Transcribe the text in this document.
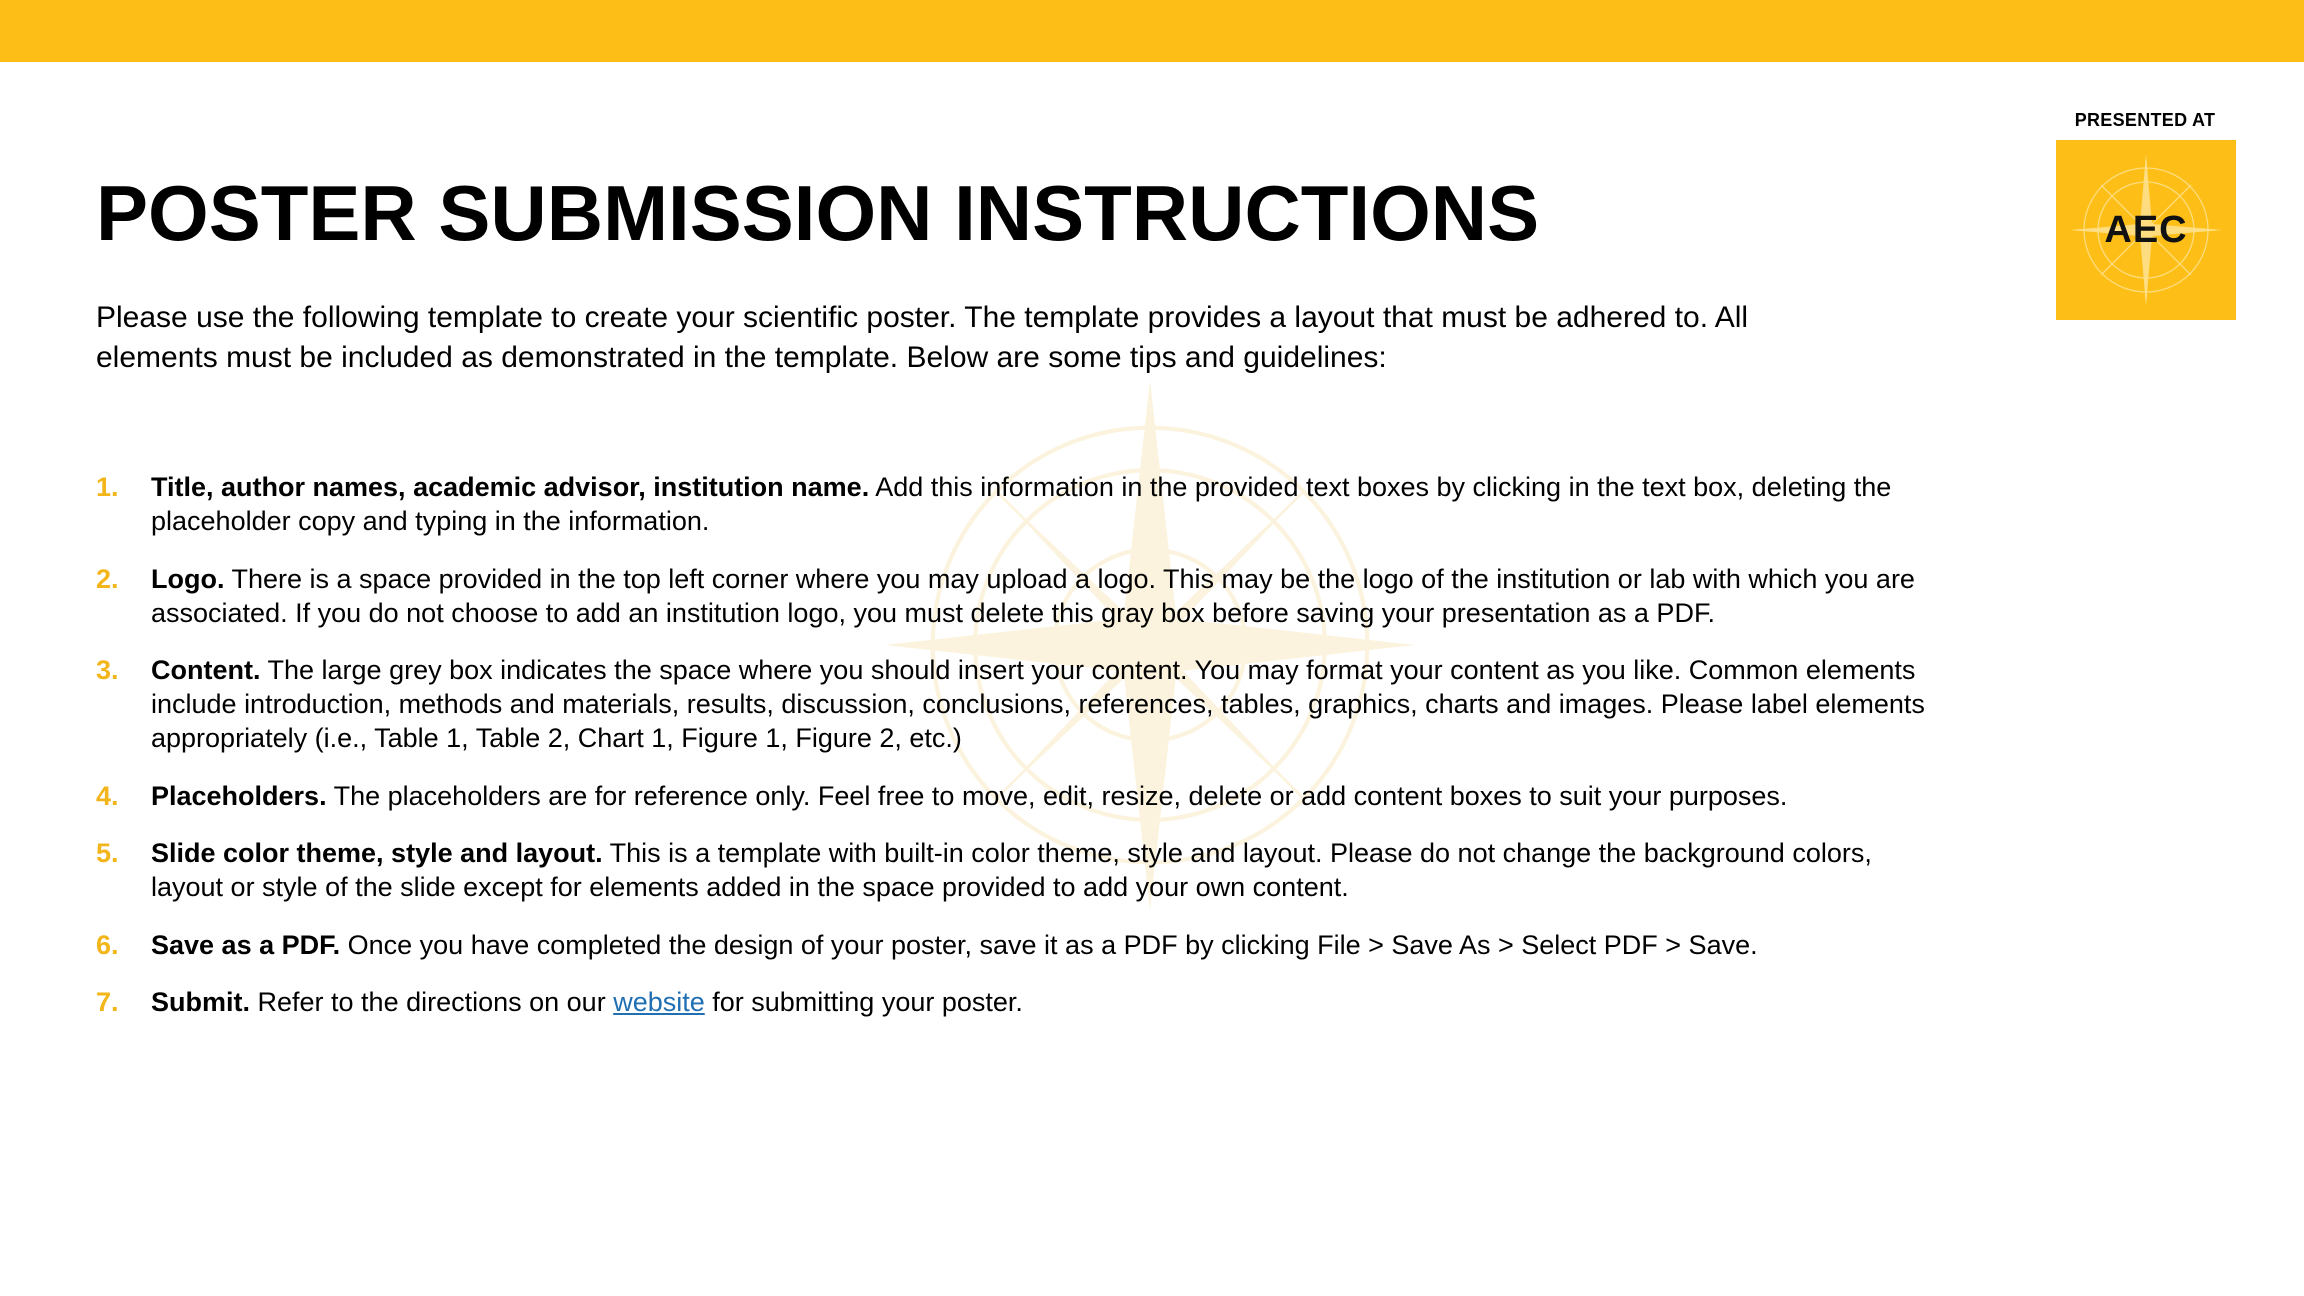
PRESENTED AT
AEC
POSTER SUBMISSION INSTRUCTIONS

Please use the following template to create your scientific poster. The template provides a layout that must be adhered to. All elements must be included as demonstrated in the template. Below are some tips and guidelines:

1. Title, author names, academic advisor, institution name. Add this information in the provided text boxes by clicking in the text box, deleting the placeholder copy and typing in the information.
2. Logo. There is a space provided in the top left corner where you may upload a logo. This may be the logo of the institution or lab with which you are associated. If you do not choose to add an institution logo, you must delete this gray box before saving your presentation as a PDF.
3. Content. The large grey box indicates the space where you should insert your content. You may format your content as you like. Common elements include introduction, methods and materials, results, discussion, conclusions, references, tables, graphics, charts and images. Please label elements appropriately (i.e., Table 1, Table 2, Chart 1, Figure 1, Figure 2, etc.)
4. Placeholders. The placeholders are for reference only. Feel free to move, edit, resize, delete or add content boxes to suit your purposes.
5. Slide color theme, style and layout. This is a template with built-in color theme, style and layout. Please do not change the background colors, layout or style of the slide except for elements added in the space provided to add your own content.
6. Save as a PDF. Once you have completed the design of your poster, save it as a PDF by clicking File > Save As > Select PDF > Save.
7. Submit. Refer to the directions on our website for submitting your poster.
